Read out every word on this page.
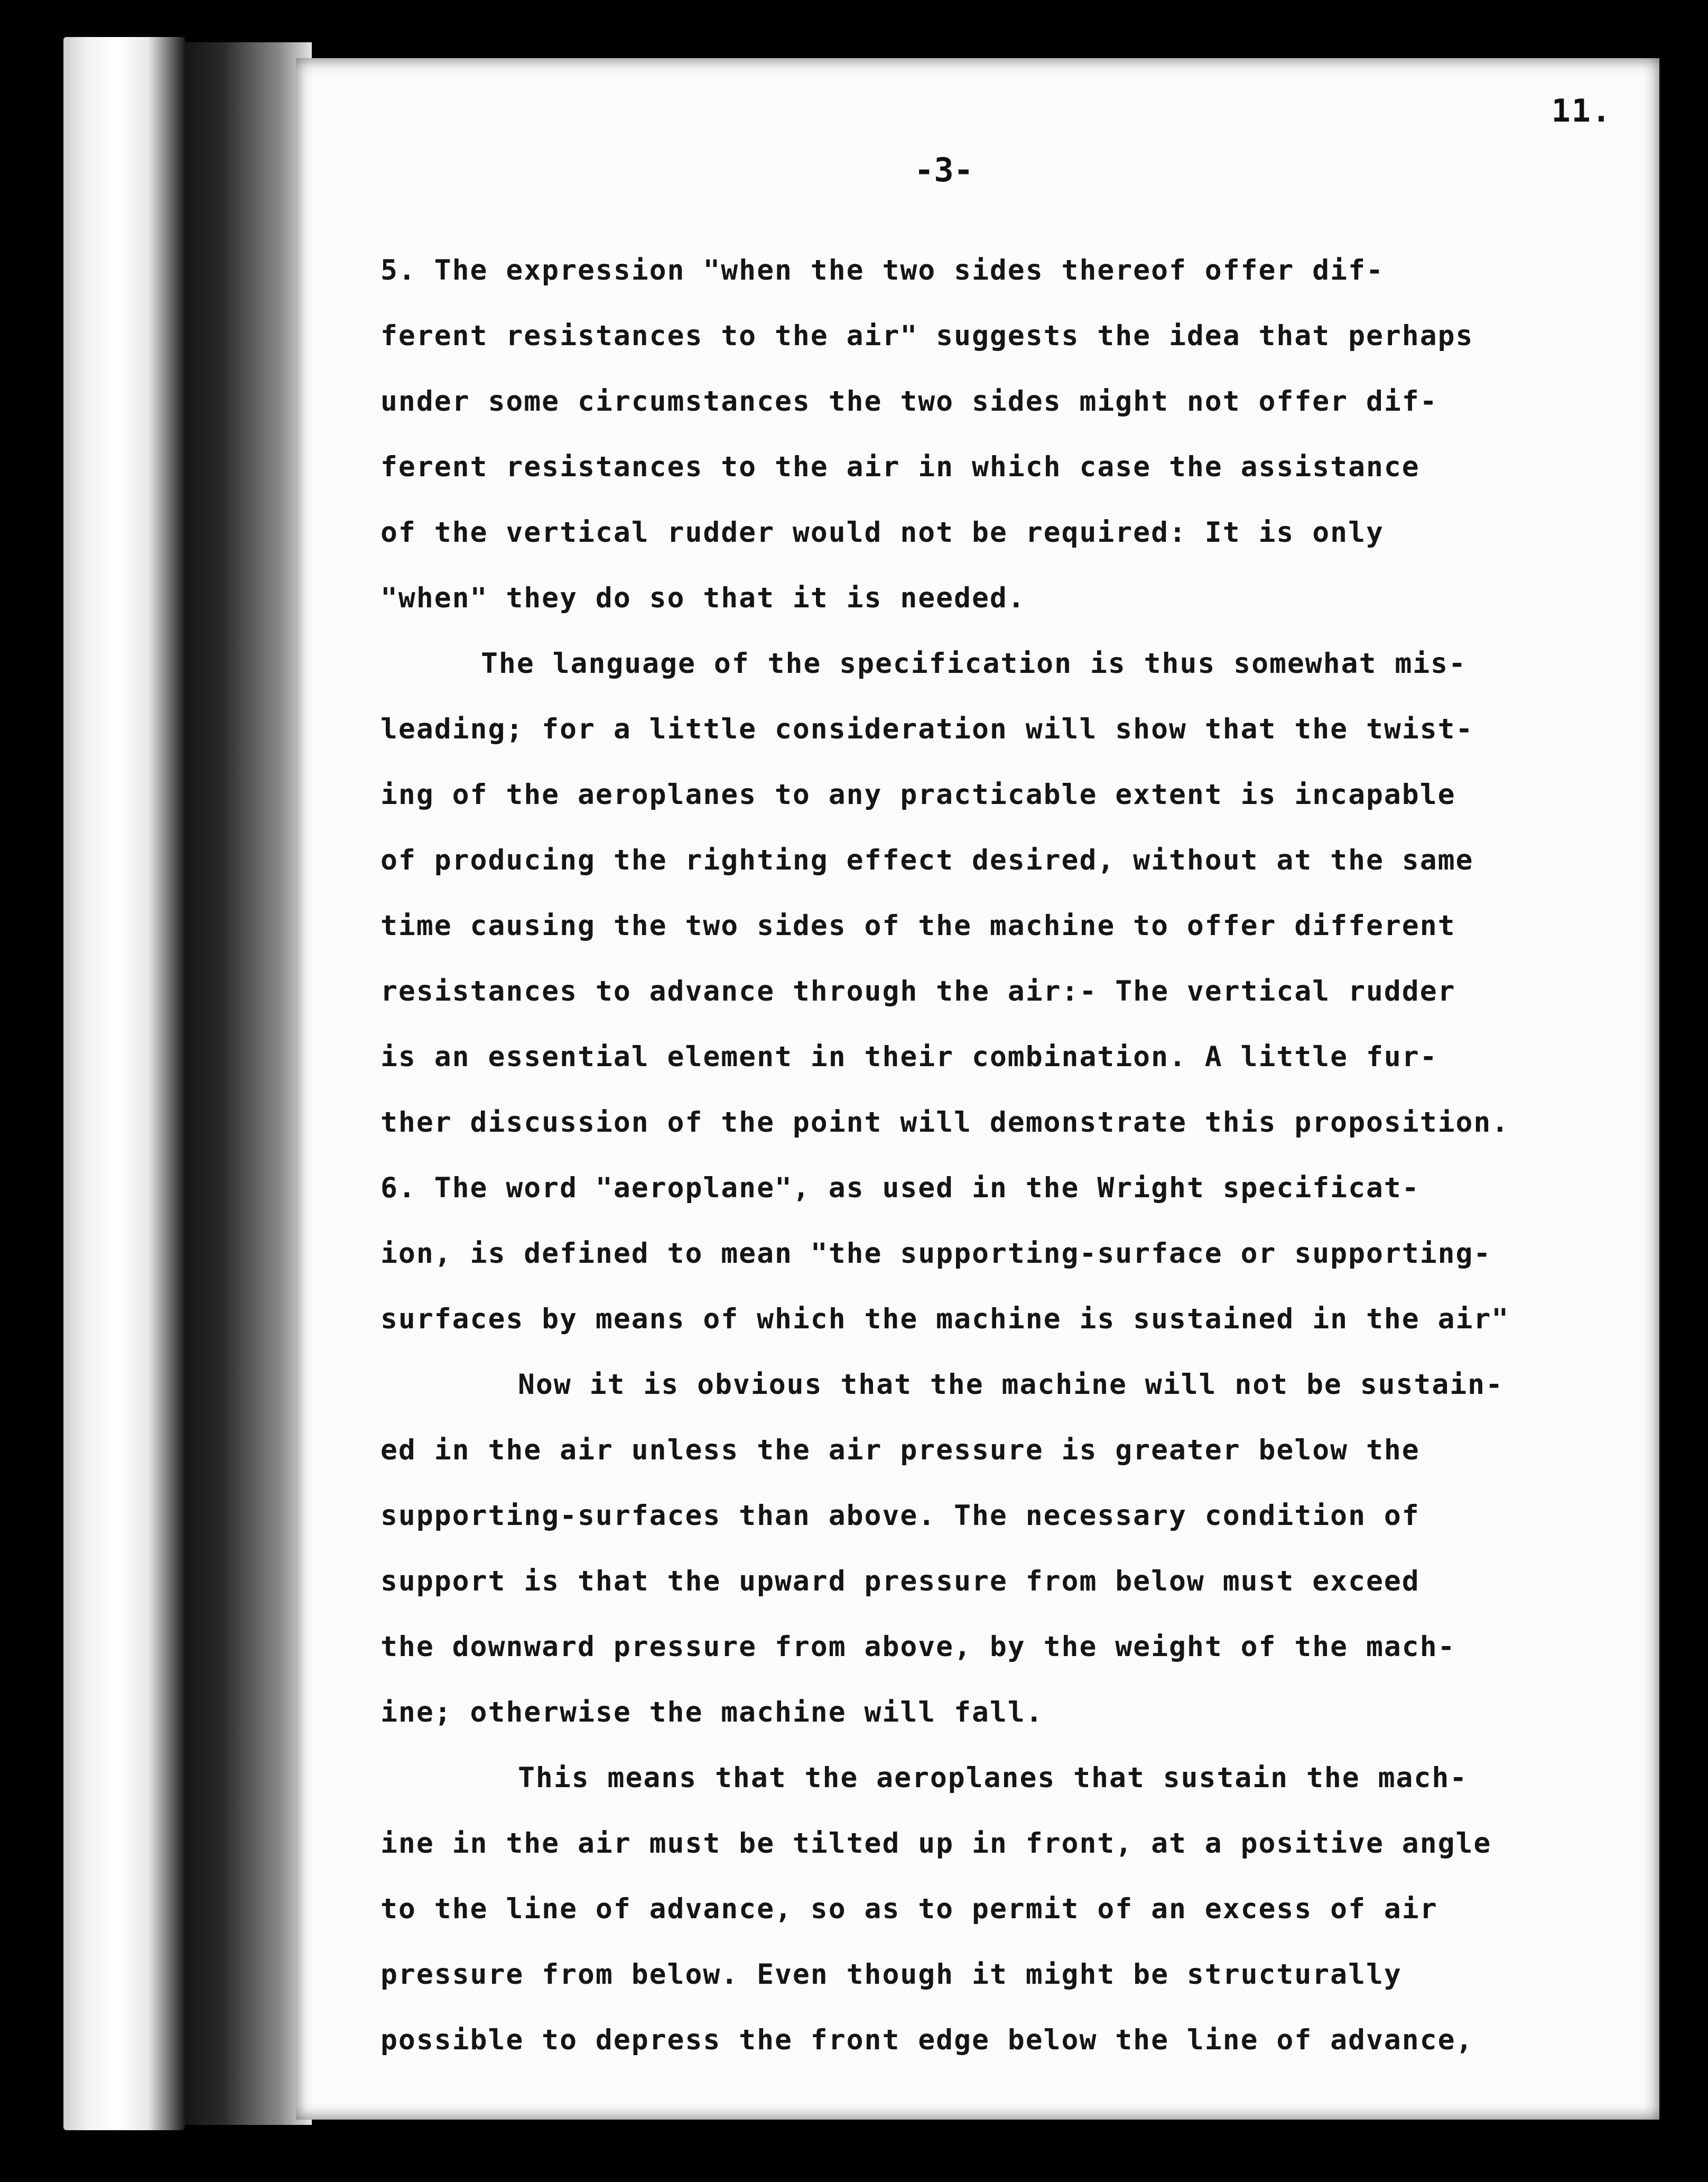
11.
-3-
5. The expression "when the two sides thereof offer dif-
ferent resistances to the air" suggests the idea that perhaps
under some circumstances the two sides might not offer dif-
ferent resistances to the air in which case the assistance
of the vertical rudder would not be required: It is only
"when" they do so that it is needed.
The language of the specification is thus somewhat mis-
leading; for a little consideration will show that the twist-
ing of the aeroplanes to any practicable extent is incapable
of producing the righting effect desired, without at the same
time causing the two sides of the machine to offer different
resistances to advance through the air:- The vertical rudder
is an essential element in their combination. A little fur-
ther discussion of the point will demonstrate this proposition.
6. The word "aeroplane", as used in the Wright specificat-
ion, is defined to mean "the supporting-surface or supporting-
surfaces by means of which the machine is sustained in the air"
Now it is obvious that the machine will not be sustain-
ed in the air unless the air pressure is greater below the
supporting-surfaces than above. The necessary condition of
support is that the upward pressure from below must exceed
the downward pressure from above, by the weight of the mach-
ine; otherwise the machine will fall.
This means that the aeroplanes that sustain the mach-
ine in the air must be tilted up in front, at a positive angle
to the line of advance, so as to permit of an excess of air
pressure from below. Even though it might be structurally
possible to depress the front edge below the line of advance,
